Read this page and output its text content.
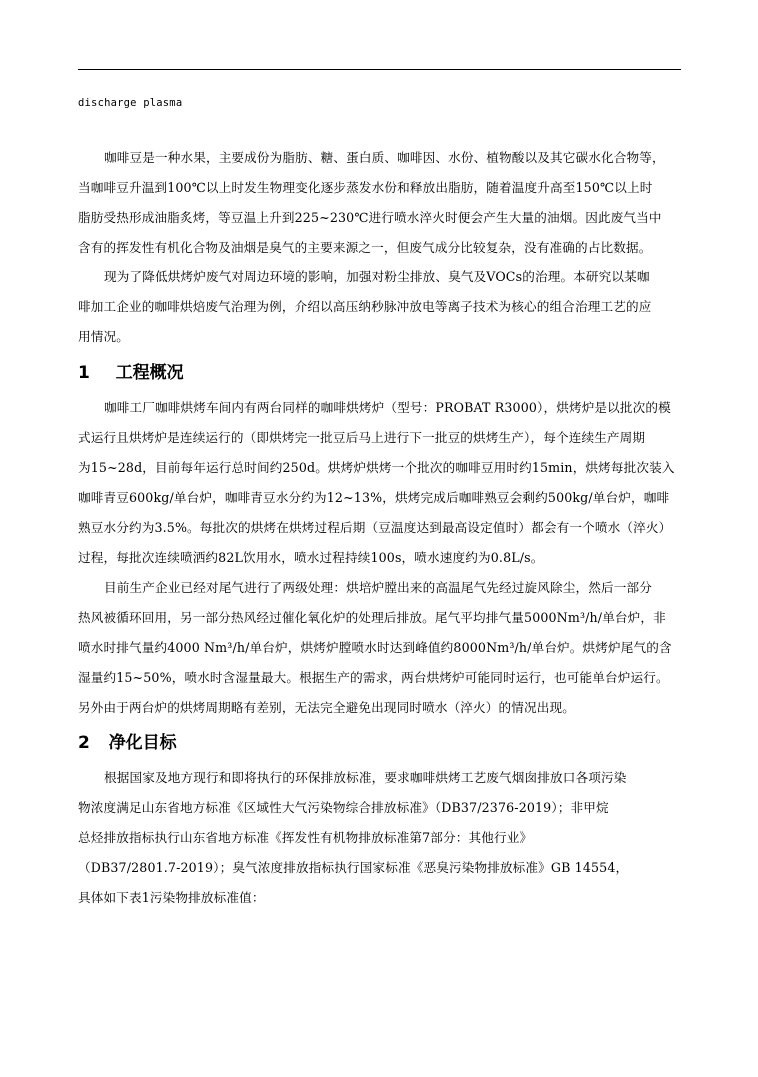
discharge plasma
咖啡豆是一种水果，主要成份为脂肪、糖、蛋白质、咖啡因、水份、植物酸以及其它碳水化合物等，
当咖啡豆升温到100℃以上时发生物理变化逐步蒸发水份和释放出脂肪，随着温度升高至150℃以上时
脂肪受热形成油脂炙烤，等豆温上升到225~230℃进行喷水淬火时便会产生大量的油烟。因此废气当中
含有的挥发性有机化合物及油烟是臭气的主要来源之一，但废气成分比较复杂，没有准确的占比数据。
现为了降低烘烤炉废气对周边环境的影响，加强对粉尘排放、臭气及VOCs的治理。本研究以某咖
啡加工企业的咖啡烘焙废气治理为例，介绍以高压纳秒脉冲放电等离子技术为核心的组合治理工艺的应
用情况。
1 工程概况
咖啡工厂咖啡烘烤车间内有两台同样的咖啡烘烤炉（型号：PROBAT R3000），烘烤炉是以批次的模
式运行且烘烤炉是连续运行的（即烘烤完一批豆后马上进行下一批豆的烘烤生产），每个连续生产周期
为15~28d，目前每年运行总时间约250d。烘烤炉烘烤一个批次的咖啡豆用时约15min，烘烤每批次装入
咖啡青豆600kg/单台炉，咖啡青豆水分约为12~13%，烘烤完成后咖啡熟豆会剩约500kg/单台炉，咖啡
熟豆水分约为3.5%。每批次的烘烤在烘烤过程后期（豆温度达到最高设定值时）都会有一个喷水（淬火）
过程，每批次连续喷洒约82L饮用水，喷水过程持续100s，喷水速度约为0.8L/s。
目前生产企业已经对尾气进行了两级处理：烘培炉膛出来的高温尾气先经过旋风除尘，然后一部分
热风被循环回用，另一部分热风经过催化氧化炉的处理后排放。尾气平均排气量5000Nm³/h/单台炉，非
喷水时排气量约4000 Nm³/h/单台炉，烘烤炉膛喷水时达到峰值约8000Nm³/h/单台炉。烘烤炉尾气的含
湿量约15~50%，喷水时含湿量最大。根据生产的需求，两台烘烤炉可能同时运行，也可能单台炉运行。
另外由于两台炉的烘烤周期略有差别，无法完全避免出现同时喷水（淬火）的情况出现。
2 净化目标
根据国家及地方现行和即将执行的环保排放标准，要求咖啡烘烤工艺废气烟囱排放口各项污染
物浓度满足山东省地方标准《区域性大气污染物综合排放标准》（DB37/2376-2019）；非甲烷
总烃排放指标执行山东省地方标准《挥发性有机物排放标准第7部分：其他行业》
（DB37/2801.7-2019）；臭气浓度排放指标执行国家标准《恶臭污染物排放标准》GB 14554，
具体如下表1污染物排放标准值：
